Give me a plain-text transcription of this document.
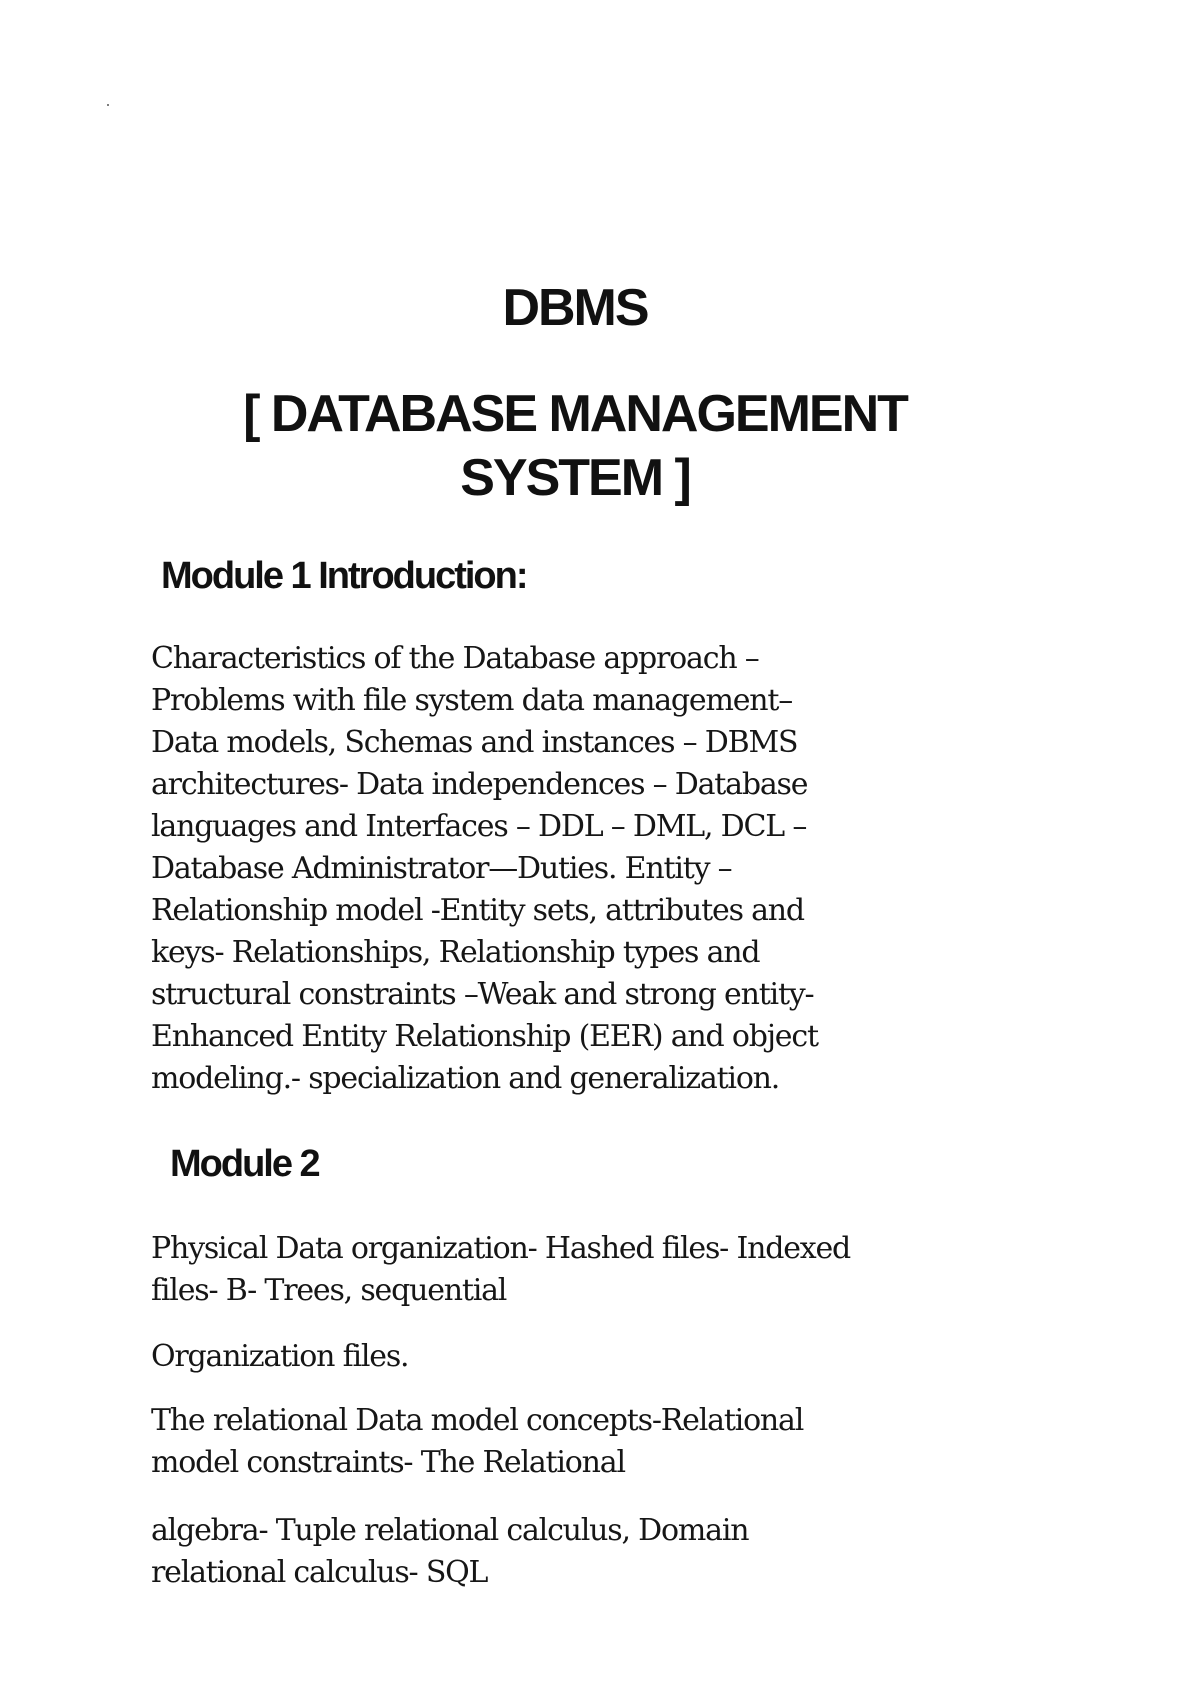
DBMS
[ DATABASE MANAGEMENT
SYSTEM ]
Module 1 Introduction:

Characteristics of the Database approach –
Problems with file system data management–
Data models, Schemas and instances – DBMS
architectures- Data independences – Database
languages and Interfaces – DDL – DML, DCL –
Database Administrator—Duties. Entity –
Relationship model -Entity sets, attributes and
keys- Relationships, Relationship types and
structural constraints –Weak and strong entity-
Enhanced Entity Relationship (EER) and object
modeling.- specialization and generalization.

Module 2

Physical Data organization- Hashed files- Indexed
files- B- Trees, sequential

Organization files.

The relational Data model concepts-Relational
model constraints- The Relational

algebra- Tuple relational calculus, Domain
relational calculus- SQL
